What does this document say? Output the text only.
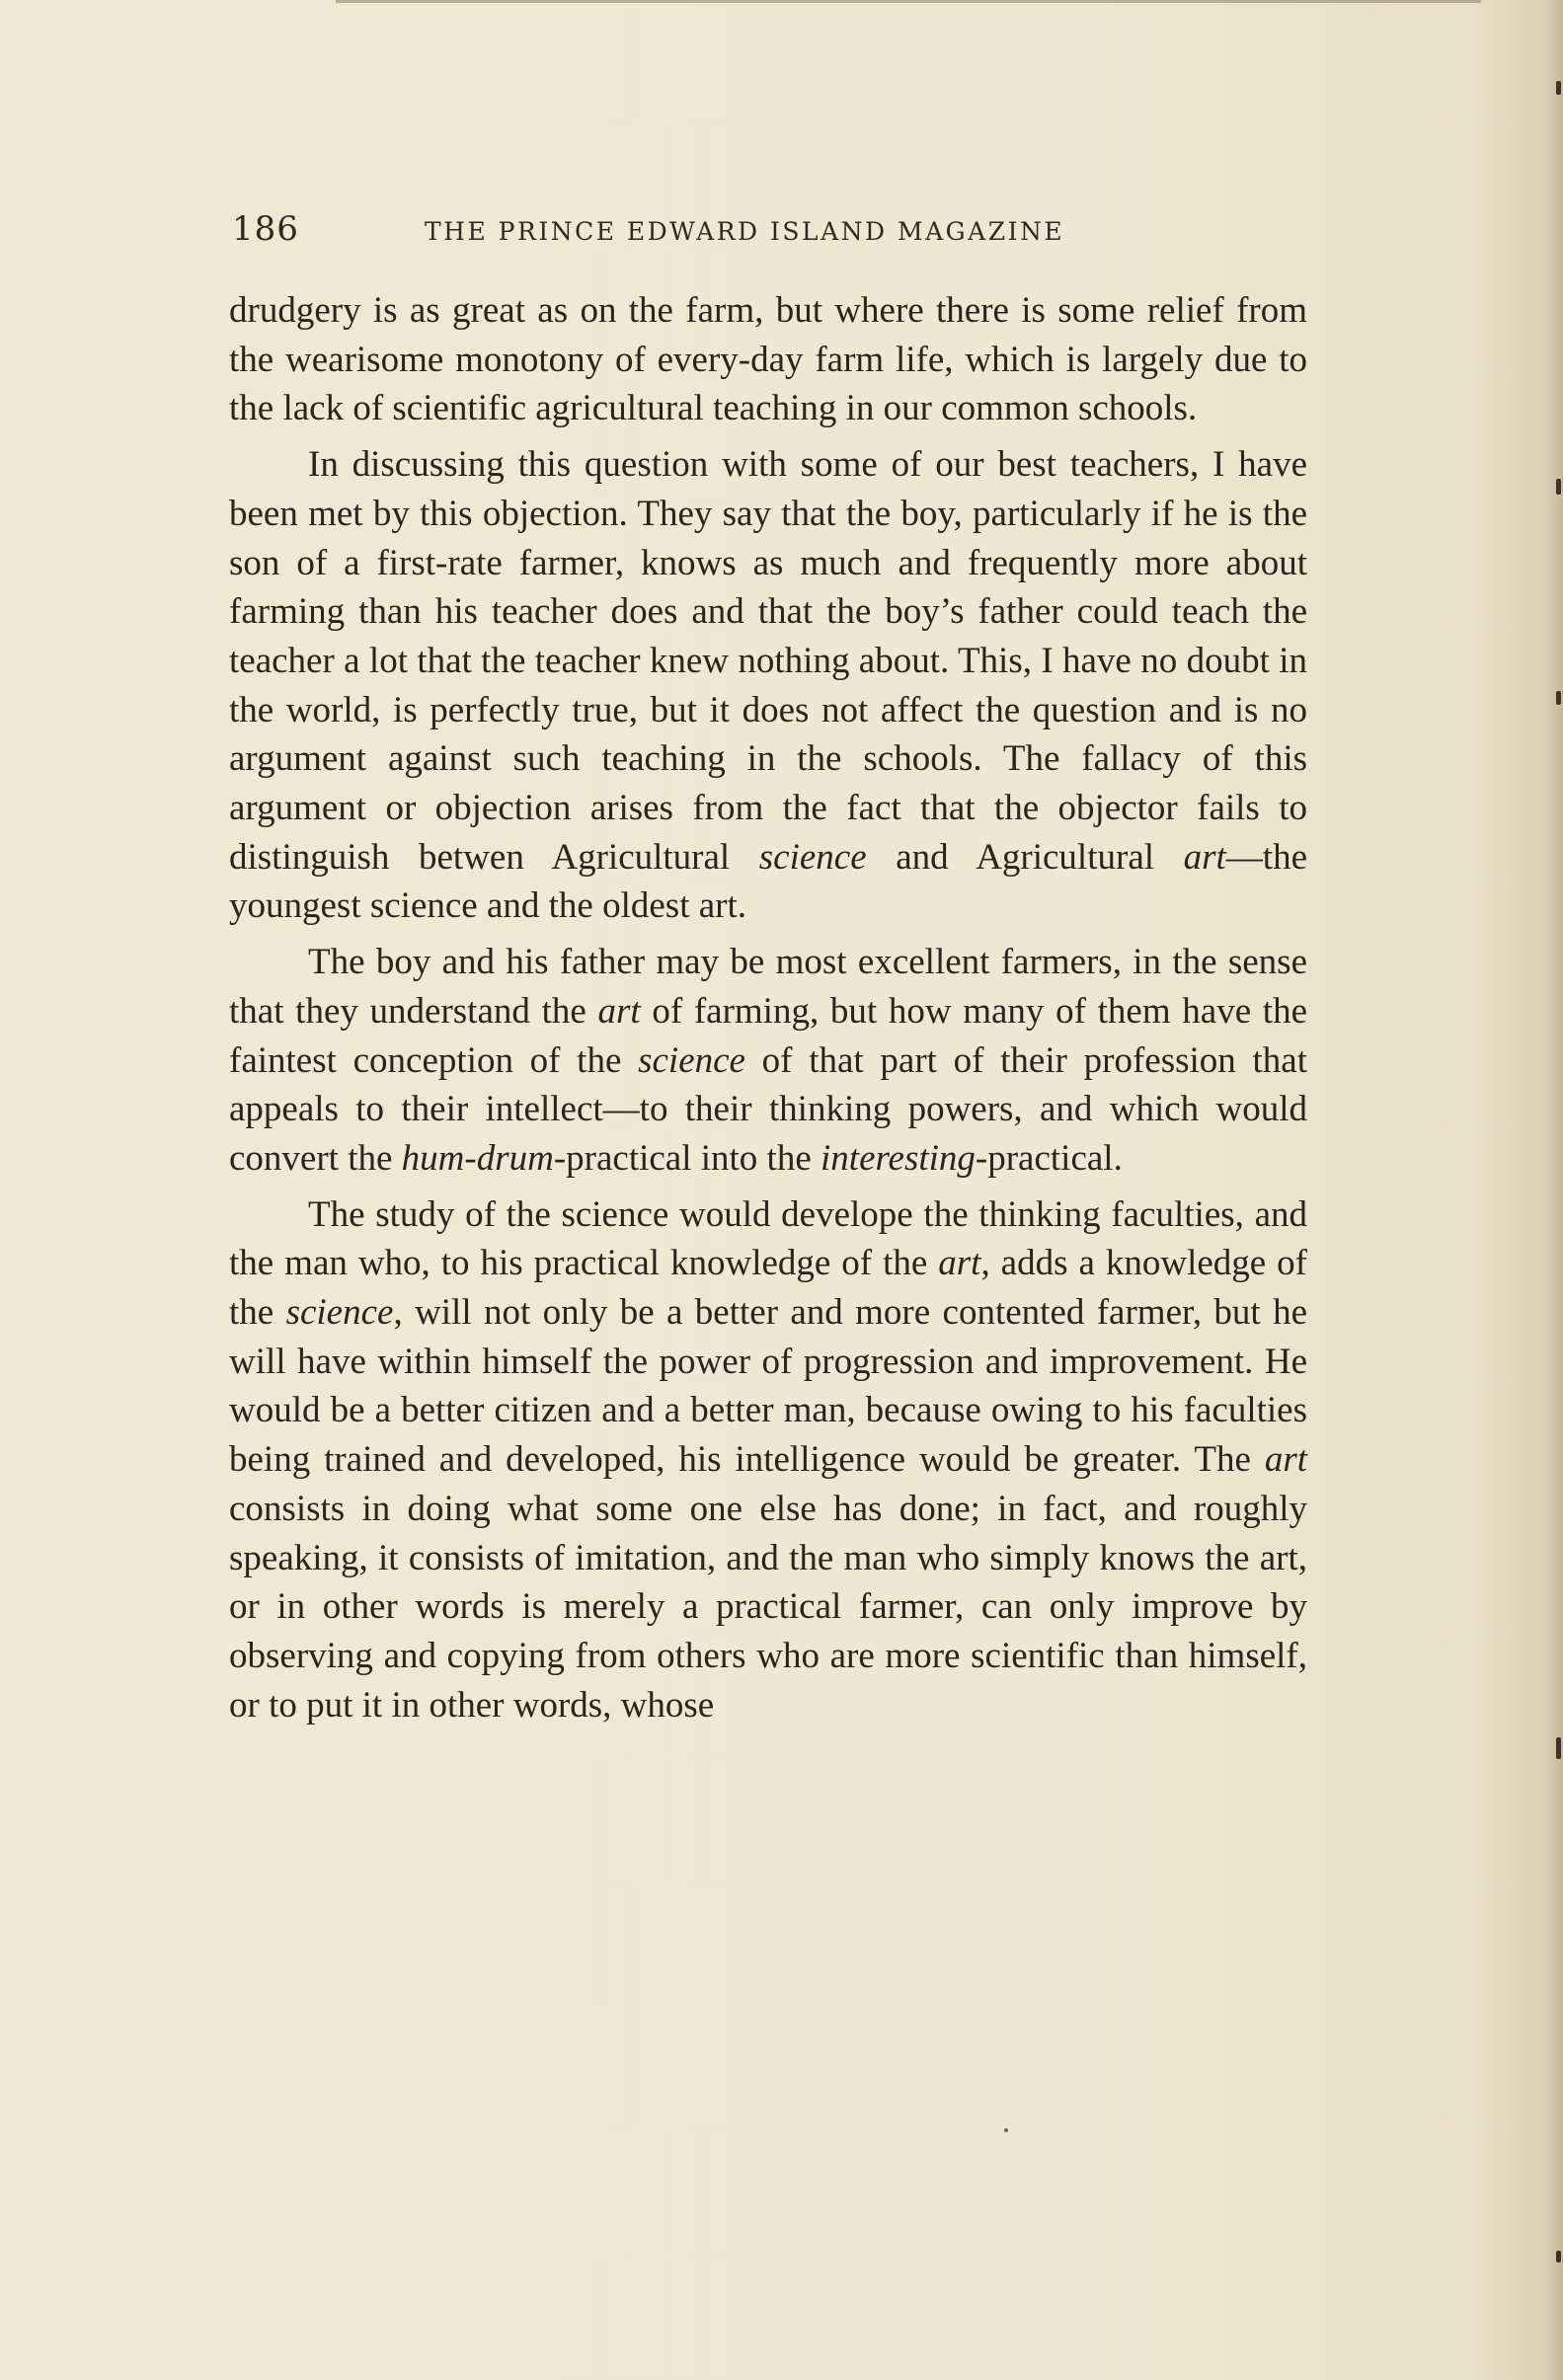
186	THE PRINCE EDWARD ISLAND MAGAZINE

drudgery is as great as on the farm, but where there is some relief from the wearisome monotony of every-day farm life, which is largely due to the lack of scientific agricultural teaching in our common schools.

In discussing this question with some of our best teachers, I have been met by this objection. They say that the boy, particularly if he is the son of a first-rate farmer, knows as much and frequently more about farming than his teacher does and that the boy’s father could teach the teacher a lot that the teacher knew nothing about. This, I have no doubt in the world, is perfectly true, but it does not affect the question and is no argument against such teaching in the schools. The fallacy of this argument or objection arises from the fact that the objector fails to distinguish betwen Agricultural science and Agricultural art—the youngest science and the oldest art.

The boy and his father may be most excellent farmers, in the sense that they understand the art of farming, but how many of them have the faintest conception of the science of that part of their profession that appeals to their intellect—to their thinking powers, and which would convert the hum-drum-practical into the interesting-practical.

The study of the science would develope the thinking faculties, and the man who, to his practical knowledge of the art, adds a knowledge of the science, will not only be a better and more contented farmer, but he will have within himself the power of progression and improvement. He would be a better citizen and a better man, because owing to his faculties being trained and developed, his intelligence would be greater. The art consists in doing what some one else has done; in fact, and roughly speaking, it consists of imitation, and the man who simply knows the art, or in other words is merely a practical farmer, can only improve by observing and copying from others who are more scientific than himself, or to put it in other words, whose
